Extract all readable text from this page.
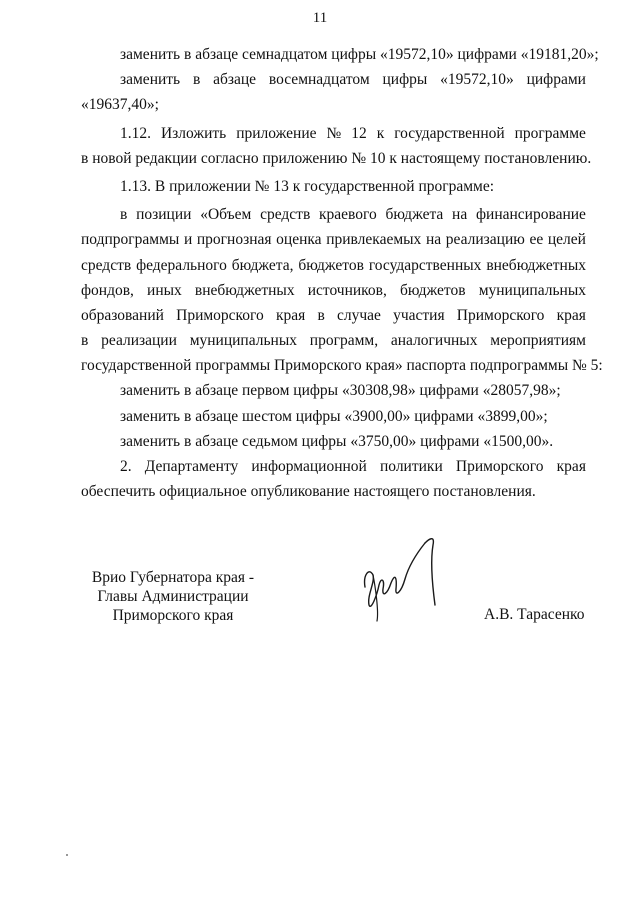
11
заменить в абзаце семнадцатом цифры «19572,10» цифрами «19181,20»;
заменить в абзаце восемнадцатом цифры «19572,10» цифрами
«19637,40»;
1.12. Изложить приложение № 12 к государственной программе
в новой редакции согласно приложению № 10 к настоящему постановлению.
1.13. В приложении № 13 к государственной программе:
в позиции «Объем средств краевого бюджета на финансирование
подпрограммы и прогнозная оценка привлекаемых на реализацию ее целей
средств федерального бюджета, бюджетов государственных внебюджетных
фондов, иных внебюджетных источников, бюджетов муниципальных
образований Приморского края в случае участия Приморского края
в реализации муниципальных программ, аналогичных мероприятиям
государственной программы Приморского края» паспорта подпрограммы № 5:
заменить в абзаце первом цифры «30308,98» цифрами «28057,98»;
заменить в абзаце шестом цифры «3900,00» цифрами «3899,00»;
заменить в абзаце седьмом цифры «3750,00» цифрами «1500,00».
2. Департаменту информационной политики Приморского края
обеспечить официальное опубликование настоящего постановления.
Врио Губернатора края -
Главы Администрации
Приморского края	А.В. Тарасенко
